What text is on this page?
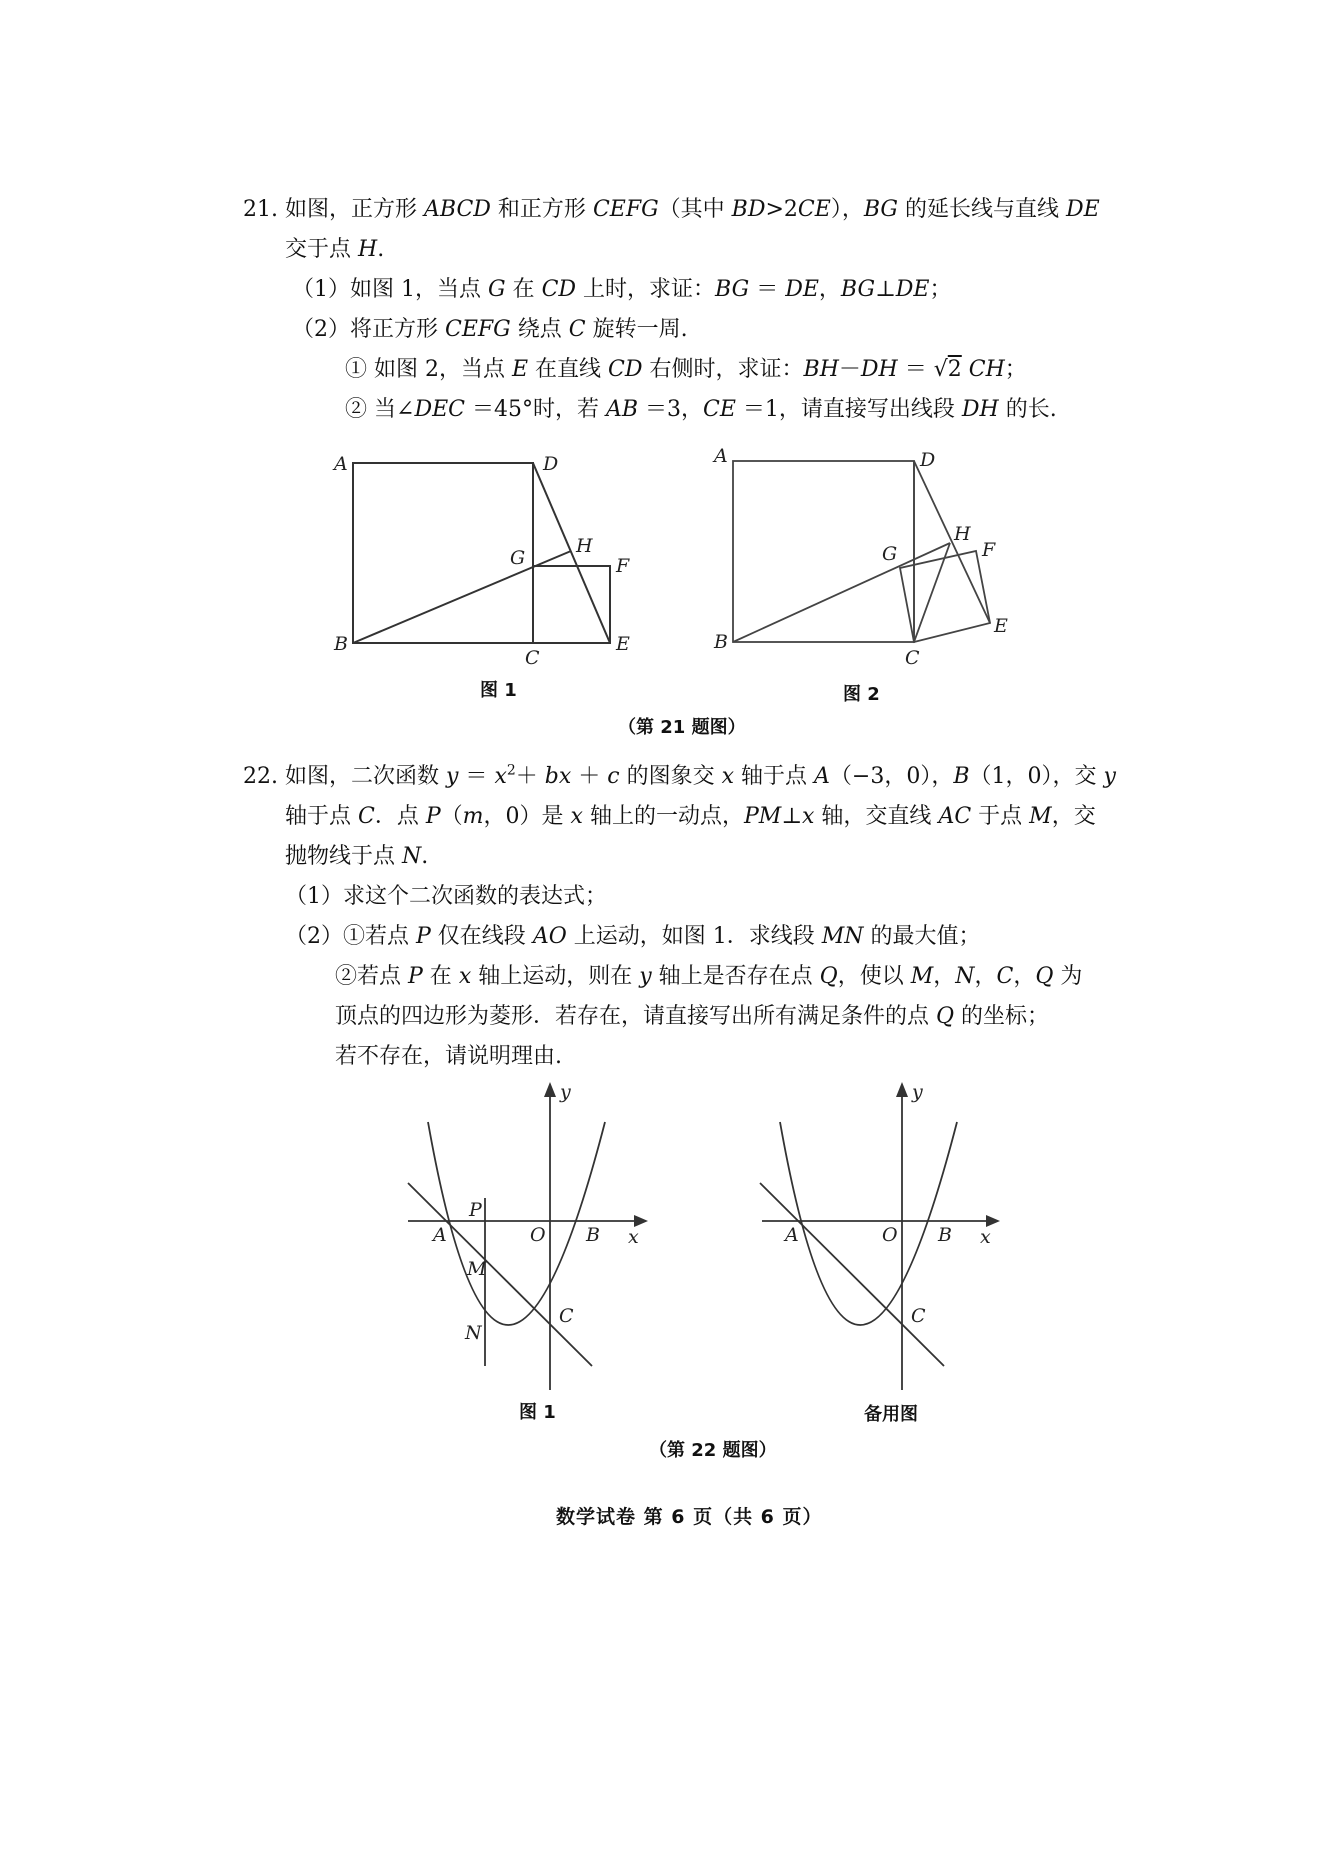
21. 如图，正方形 ABCD 和正方形 CEFG（其中 BD>2CE），BG 的延长线与直线 DE
交于点 H.
（1）如图 1，当点 G 在 CD 上时，求证：BG ＝ DE，BG⊥DE；
（2）将正方形 CEFG 绕点 C 旋转一周.
① 如图 2，当点 E 在直线 CD 右侧时，求证：BH－DH ＝ √2 CH；
② 当∠DEC ＝45°时，若 AB ＝3，CE ＝1，请直接写出线段 DH 的长.
A	D
G
H
F
B
C
E
A	D
H
F
G
B
C
E
y
x
O B
A
P
M
N
C
y
x
O B
A
C
图 1	图 2
（第 21 题图）
22. 如图，二次函数 $y = x^2+$ bx ＋ c 的图象交 x 轴于点 A（−3，0），B（1，0），交 y
轴于点 C．点 P（m，0）是 x 轴上的一动点，PM⊥x 轴，交直线 AC 于点 M，交
抛物线于点 N.
（1）求这个二次函数的表达式；
（2）①若点 P 仅在线段 AO 上运动，如图 1．求线段 MN 的最大值；
②若点 P 在 x 轴上运动，则在 y 轴上是否存在点 Q，使以 M，N，C，Q 为
顶点的四边形为菱形．若存在，请直接写出所有满足条件的点 Q 的坐标；
若不存在，请说明理由.
图 1	备用图
（第 22 题图）
数学试卷 第 6 页（共 6 页）
